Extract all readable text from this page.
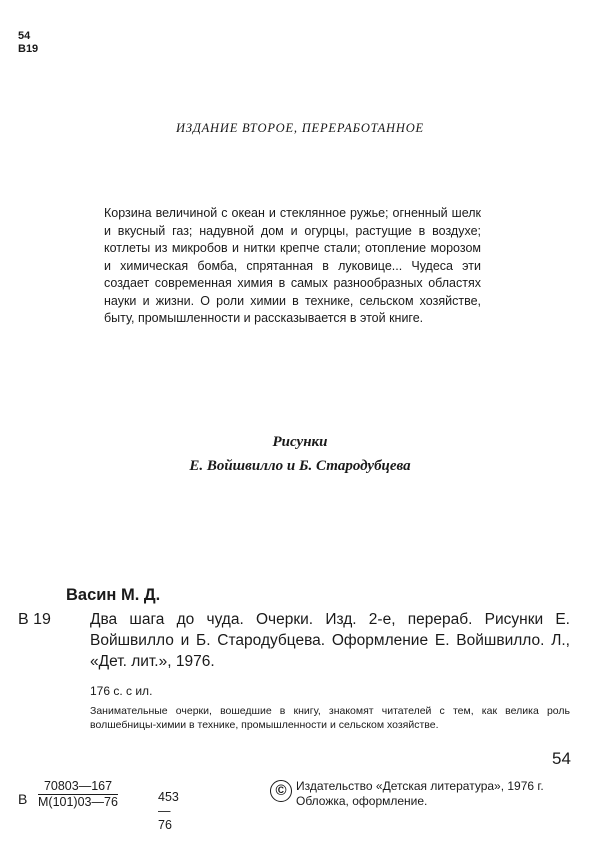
54
В19
ИЗДАНИЕ ВТОРОЕ, ПЕРЕРАБОТАННОЕ
Корзина величиной с океан и стеклянное ружье; огненный шелк и вкусный газ; надувной дом и огурцы, растущие в воздухе; котлеты из микробов и нитки крепче стали; отопление морозом и химическая бомба, спрятанная в луковице... Чудеса эти создает современная химия в самых разнообразных областях науки и жизни. О роли химии в технике, сельском хозяйстве, быту, промышленности и рассказывается в этой книге.
Рисунки
Е. Войшвилло и Б. Стародубцева
Васин М. Д.
В 19	Два шага до чуда. Очерки. Изд. 2-е, перераб. Рисунки Е. Войшвилло и Б. Стародубцева. Оформление Е. Войшвилло. Л., «Дет. лит.», 1976.
176 с. с ил.
Занимательные очерки, вошедшие в книгу, знакомят читателей с тем, как велика роль волшебницы-химии в технике, промышленности и сельском хозяйстве.
54
В
70803—167
М(101)03—76	453—76
© Издательство «Детская литература», 1976 г.
Обложка, оформление.
